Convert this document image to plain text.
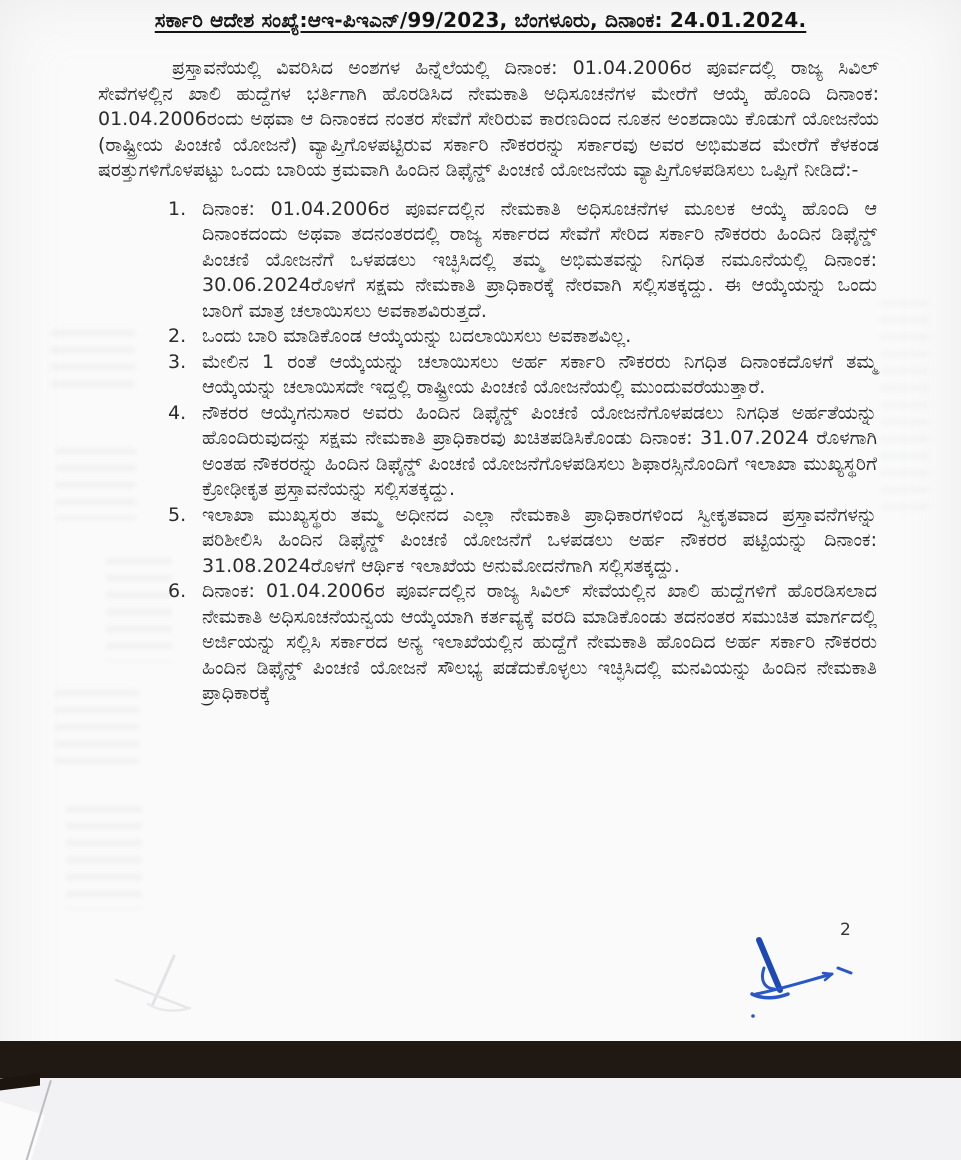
ಸರ್ಕಾರಿ ಆದೇಶ ಸಂಖ್ಯೆ:ಆಇ-ಪಿಇಎನ್/99/2023, ಬೆಂಗಳೂರು, ದಿನಾಂಕ: 24.01.2024.
ಪ್ರಸ್ತಾವನೆಯಲ್ಲಿ ವಿವರಿಸಿದ ಅಂಶಗಳ ಹಿನ್ನೆಲೆಯಲ್ಲಿ ದಿನಾಂಕ: 01.04.2006ರ ಪೂರ್ವದಲ್ಲಿ ರಾಜ್ಯ ಸಿವಿಲ್ ಸೇವೆಗಳಲ್ಲಿನ ಖಾಲಿ ಹುದ್ದೆಗಳ ಭರ್ತಿಗಾಗಿ ಹೊರಡಿಸಿದ ನೇಮಕಾತಿ ಅಧಿಸೂಚನೆಗಳ ಮೇರೆಗೆ ಆಯ್ಕೆ ಹೊಂದಿ ದಿನಾಂಕ: 01.04.2006ರಂದು ಅಥವಾ ಆ ದಿನಾಂಕದ ನಂತರ ಸೇವೆಗೆ ಸೇರಿರುವ ಕಾರಣದಿಂದ ನೂತನ ಅಂಶದಾಯಿ ಕೊಡುಗೆ ಯೋಜನೆಯ (ರಾಷ್ಟ್ರೀಯ ಪಿಂಚಣಿ ಯೋಜನೆ) ವ್ಯಾಪ್ತಿಗೊಳಪಟ್ಟಿರುವ ಸರ್ಕಾರಿ ನೌಕರರನ್ನು ಸರ್ಕಾರವು ಅವರ ಅಭಿಮತದ ಮೇರೆಗೆ ಕೆಳಕಂಡ ಷರತ್ತುಗಳಿಗೊಳಪಟ್ಟು ಒಂದು ಬಾರಿಯ ಕ್ರಮವಾಗಿ ಹಿಂದಿನ ಡಿಫೈನ್ಡ್ ಪಿಂಚಣಿ ಯೋಜನೆಯ ವ್ಯಾಪ್ತಿಗೊಳಪಡಿಸಲು ಒಪ್ಪಿಗೆ ನೀಡಿದೆ:-
1. ದಿನಾಂಕ: 01.04.2006ರ ಪೂರ್ವದಲ್ಲಿನ ನೇಮಕಾತಿ ಅಧಿಸೂಚನೆಗಳ ಮೂಲಕ ಆಯ್ಕೆ ಹೊಂದಿ ಆ ದಿನಾಂಕದಂದು ಅಥವಾ ತದನಂತರದಲ್ಲಿ ರಾಜ್ಯ ಸರ್ಕಾರದ ಸೇವೆಗೆ ಸೇರಿದ ಸರ್ಕಾರಿ ನೌಕರರು ಹಿಂದಿನ ಡಿಫೈನ್ಡ್ ಪಿಂಚಣಿ ಯೋಜನೆಗೆ ಒಳಪಡಲು ಇಚ್ಛಿಸಿದಲ್ಲಿ ತಮ್ಮ ಅಭಿಮತವನ್ನು ನಿಗಧಿತ ನಮೂನೆಯಲ್ಲಿ ದಿನಾಂಕ: 30.06.2024ರೊಳಗೆ ಸಕ್ಷಮ ನೇಮಕಾತಿ ಪ್ರಾಧಿಕಾರಕ್ಕೆ ನೇರವಾಗಿ ಸಲ್ಲಿಸತಕ್ಕದ್ದು. ಈ ಆಯ್ಕೆಯನ್ನು ಒಂದು ಬಾರಿಗೆ ಮಾತ್ರ ಚಲಾಯಿಸಲು ಅವಕಾಶವಿರುತ್ತದೆ.
2. ಒಂದು ಬಾರಿ ಮಾಡಿಕೊಂಡ ಆಯ್ಕೆಯನ್ನು ಬದಲಾಯಿಸಲು ಅವಕಾಶವಿಲ್ಲ.
3. ಮೇಲಿನ 1 ರಂತೆ ಆಯ್ಕೆಯನ್ನು ಚಲಾಯಿಸಲು ಅರ್ಹ ಸರ್ಕಾರಿ ನೌಕರರು ನಿಗಧಿತ ದಿನಾಂಕದೊಳಗೆ ತಮ್ಮ ಆಯ್ಕೆಯನ್ನು ಚಲಾಯಿಸದೇ ಇದ್ದಲ್ಲಿ ರಾಷ್ಟ್ರೀಯ ಪಿಂಚಣಿ ಯೋಜನೆಯಲ್ಲಿ ಮುಂದುವರೆಯುತ್ತಾರೆ.
4. ನೌಕರರ ಆಯ್ಕೆಗನುಸಾರ ಅವರು ಹಿಂದಿನ ಡಿಫೈನ್ಡ್ ಪಿಂಚಣಿ ಯೋಜನೆಗೊಳಪಡಲು ನಿಗಧಿತ ಅರ್ಹತೆಯನ್ನು ಹೊಂದಿರುವುದನ್ನು ಸಕ್ಷಮ ನೇಮಕಾತಿ ಪ್ರಾಧಿಕಾರವು ಖಚಿತಪಡಿಸಿಕೊಂಡು ದಿನಾಂಕ: 31.07.2024 ರೊಳಗಾಗಿ ಅಂತಹ ನೌಕರರನ್ನು ಹಿಂದಿನ ಡಿಫೈನ್ಡ್ ಪಿಂಚಣಿ ಯೋಜನೆಗೊಳಪಡಿಸಲು ಶಿಫಾರಸ್ಸಿನೊಂದಿಗೆ ಇಲಾಖಾ ಮುಖ್ಯಸ್ಥರಿಗೆ ಕ್ರೋಢೀಕೃತ ಪ್ರಸ್ತಾವನೆಯನ್ನು ಸಲ್ಲಿಸತಕ್ಕದ್ದು.
5. ಇಲಾಖಾ ಮುಖ್ಯಸ್ಥರು ತಮ್ಮ ಅಧೀನದ ಎಲ್ಲಾ ನೇಮಕಾತಿ ಪ್ರಾಧಿಕಾರಗಳಿಂದ ಸ್ವೀಕೃತವಾದ ಪ್ರಸ್ತಾವನೆಗಳನ್ನು ಪರಿಶೀಲಿಸಿ ಹಿಂದಿನ ಡಿಫೈನ್ಡ್ ಪಿಂಚಣಿ ಯೋಜನೆಗೆ ಒಳಪಡಲು ಅರ್ಹ ನೌಕರರ ಪಟ್ಟಿಯನ್ನು ದಿನಾಂಕ: 31.08.2024ರೊಳಗೆ ಆರ್ಥಿಕ ಇಲಾಖೆಯ ಅನುಮೋದನೆಗಾಗಿ ಸಲ್ಲಿಸತಕ್ಕದ್ದು.
6. ದಿನಾಂಕ: 01.04.2006ರ ಪೂರ್ವದಲ್ಲಿನ ರಾಜ್ಯ ಸಿವಿಲ್ ಸೇವೆಯಲ್ಲಿನ ಖಾಲಿ ಹುದ್ದೆಗಳಿಗೆ ಹೊರಡಿಸಲಾದ ನೇಮಕಾತಿ ಅಧಿಸೂಚನೆಯನ್ವಯ ಆಯ್ಕೆಯಾಗಿ ಕರ್ತವ್ಯಕ್ಕೆ ವರದಿ ಮಾಡಿಕೊಂಡು ತದನಂತರ ಸಮುಚಿತ ಮಾರ್ಗದಲ್ಲಿ ಅರ್ಜಿಯನ್ನು ಸಲ್ಲಿಸಿ ಸರ್ಕಾರದ ಅನ್ಯ ಇಲಾಖೆಯಲ್ಲಿನ ಹುದ್ದೆಗೆ ನೇಮಕಾತಿ ಹೊಂದಿದ ಅರ್ಹ ಸರ್ಕಾರಿ ನೌಕರರು ಹಿಂದಿನ ಡಿಫೈನ್ಡ್ ಪಿಂಚಣಿ ಯೋಜನೆ ಸೌಲಭ್ಯ ಪಡೆದುಕೊಳ್ಳಲು ಇಚ್ಛಿಸಿದಲ್ಲಿ ಮನವಿಯನ್ನು ಹಿಂದಿನ ನೇಮಕಾತಿ ಪ್ರಾಧಿಕಾರಕ್ಕೆ
2
